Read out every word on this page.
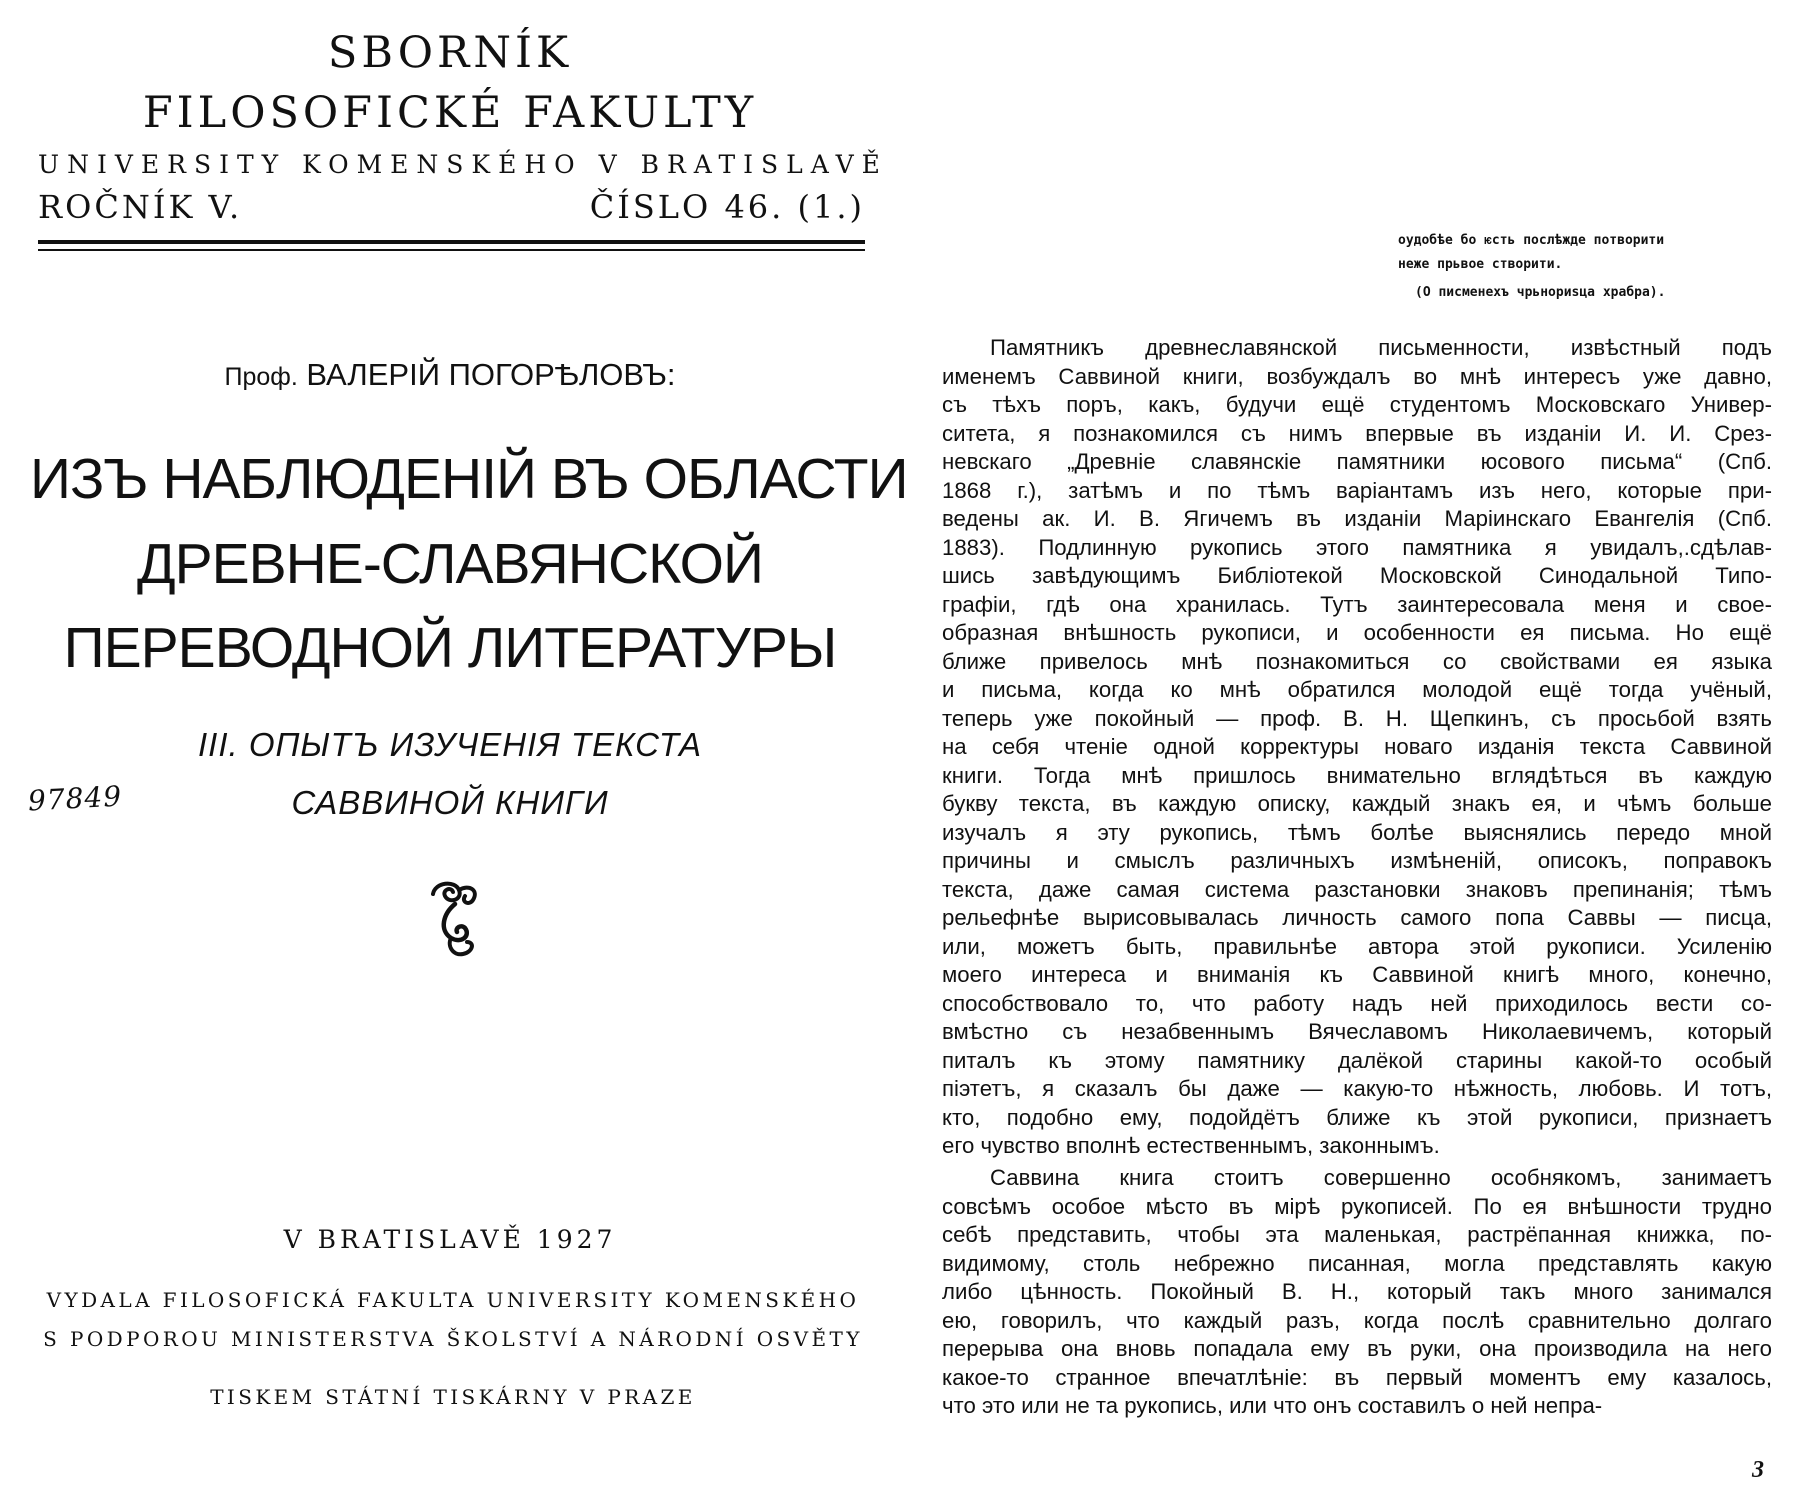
SBORNÍK
FILOSOFICKÉ FAKULTY
UNIVERSITY KOMENSKÉHO V BRATISLAVĚ
ROČNÍK V.	ČÍSLO 46. (1.)
Проф. ВАЛЕРІЙ ПОГОРѢЛОВЪ:
ИЗЪ НАБЛЮДЕНІЙ ВЪ ОБЛАСТИ
ДРЕВНЕ-СЛАВЯНСКОЙ
ПЕРЕВОДНОЙ ЛИТЕРАТУРЫ
III. ОПЫТЪ ИЗУЧЕНІЯ ТЕКСТА
САВВИНОЙ КНИГИ
97849
V BRATISLAVĚ 1927
VYDALA FILOSOFICKÁ FAKULTA UNIVERSITY KOMENSKÉHO
S PODPOROU MINISTERSTVA ŠKOLSTVÍ A NÁRODNÍ OSVĚTY
TISKEM STÁTNÍ TISKÁRNY V PRAZE
оудобѣе бо ѥсть послѣжде потворити
неже прьвое створити.
(О писменехъ чрьнориѕца храбра).
Памятникъ древнеславянской письменности, извѣстный подъ
именемъ Саввиной книги, возбуждалъ во мнѣ интересъ уже давно,
съ тѣхъ поръ, какъ, будучи ещё студентомъ Московскаго Универ-
ситета, я познакомился съ нимъ впервые въ изданіи И. И. Срез-
невскаго „Древніе славянскіе памятники юсового письма“ (Спб.
1868 г.), затѣмъ и по тѣмъ варіантамъ изъ него, которые при-
ведены ак. И. В. Ягичемъ въ изданіи Маріинскаго Евангелія (Спб.
1883). Подлинную рукопись этого памятника я увидалъ,.сдѣлав-
шись завѣдующимъ Библіотекой Московской Синодальной Типо-
графіи, гдѣ она хранилась. Тутъ заинтересовала меня и свое-
образная внѣшность рукописи, и особенности ея письма. Но ещё
ближе привелось мнѣ познакомиться со свойствами ея языка
и письма, когда ко мнѣ обратился молодой ещё тогда учёный,
теперь уже покойный — проф. В. Н. Щепкинъ, съ просьбой взять
на себя чтеніе одной корректуры новаго изданія текста Саввиной
книги. Тогда мнѣ пришлось внимательно вглядѣться въ каждую
букву текста, въ каждую описку, каждый знакъ ея, и чѣмъ больше
изучалъ я эту рукопись, тѣмъ болѣе выяснялись передо мной
причины и смыслъ различныхъ измѣненій, описокъ, поправокъ
текста, даже самая система разстановки знаковъ препинанія; тѣмъ
рельефнѣе вырисовывалась личность самого попа Саввы — писца,
или, можетъ быть, правильнѣе автора этой рукописи. Усиленію
моего интереса и вниманія къ Саввиной книгѣ много, конечно,
способствовало то, что работу надъ ней приходилось вести со-
вмѣстно съ незабвеннымъ Вячеславомъ Николаевичемъ, который
питалъ къ этому памятнику далёкой старины какой-то особый
пiэтетъ, я сказалъ бы даже — какую-то нѣжность, любовь. И тотъ,
кто, подобно ему, подойдётъ ближе къ этой рукописи, признаетъ
его чувство вполнѣ естественнымъ, законнымъ.
Саввина книга стоитъ совершенно особнякомъ, занимаетъ
совсѣмъ особое мѣсто въ мірѣ рукописей. По ея внѣшности трудно
себѣ представить, чтобы эта маленькая, растрёпанная книжка, по-
видимому, столь небрежно писанная, могла представлять какую
либо цѣнность. Покойный В. Н., который такъ много занимался
ею, говорилъ, что каждый разъ, когда послѣ сравнительно долгаго
перерыва она вновь попадала ему въ руки, она производила на него
какое-то странное впечатлѣніе: въ первый моментъ ему казалось,
что это или не та рукопись, или что онъ составилъ о ней непра-
3
